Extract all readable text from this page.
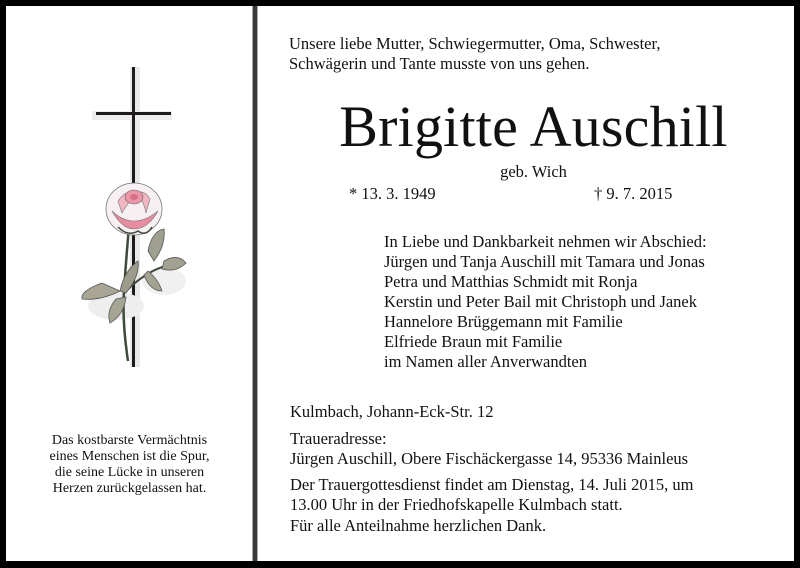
Das kostbarste Vermächtnis
eines Menschen ist die Spur,
die seine Lücke in unseren
Herzen zurückgelassen hat.
Unsere liebe Mutter, Schwiegermutter, Oma, Schwester,
Schwägerin und Tante musste von uns gehen.
Brigitte Auschill
geb. Wich
* 13. 3. 1949	† 9. 7. 2015
In Liebe und Dankbarkeit nehmen wir Abschied:
Jürgen und Tanja Auschill mit Tamara und Jonas
Petra und Matthias Schmidt mit Ronja
Kerstin und Peter Bail mit Christoph und Janek
Hannelore Brüggemann mit Familie
Elfriede Braun mit Familie
im Namen aller Anverwandten
Kulmbach, Johann-Eck-Str. 12
Traueradresse:
Jürgen Auschill, Obere Fischäckergasse 14, 95336 Mainleus
Der Trauergottesdienst findet am Dienstag, 14. Juli 2015, um
13.00 Uhr in der Friedhofskapelle Kulmbach statt.
Für alle Anteilnahme herzlichen Dank.
